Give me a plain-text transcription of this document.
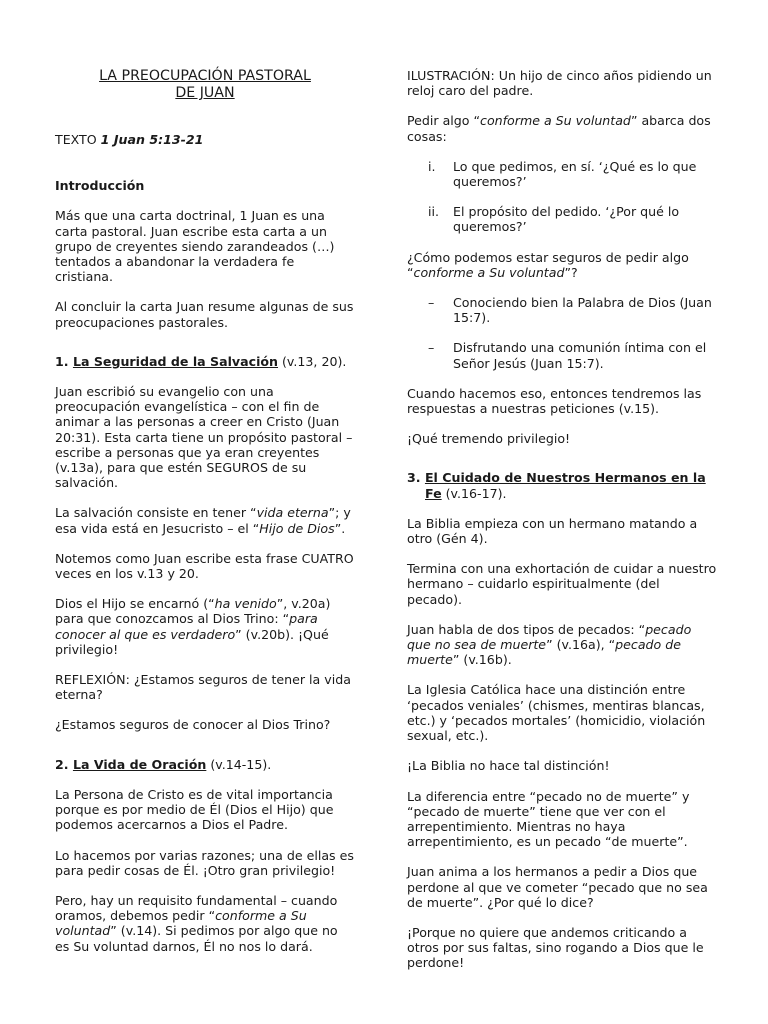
LA PREOCUPACIÓN PASTORAL
DE JUAN

TEXTO 1 Juan 5:13-21

Introducción

Más que una carta doctrinal, 1 Juan es una carta pastoral. Juan escribe esta carta a un grupo de creyentes siendo zarandeados (…) tentados a abandonar la verdadera fe cristiana.

Al concluir la carta Juan resume algunas de sus preocupaciones pastorales.

1. La Seguridad de la Salvación (v.13, 20).

Juan escribió su evangelio con una preocupación evangelística – con el fin de animar a las personas a creer en Cristo (Juan 20:31). Esta carta tiene un propósito pastoral – escribe a personas que ya eran creyentes (v.13a), para que estén SEGUROS de su salvación.

La salvación consiste en tener “vida eterna”; y esa vida está en Jesucristo – el “Hijo de Dios”.

Notemos como Juan escribe esta frase CUATRO veces en los v.13 y 20.

Dios el Hijo se encarnó (“ha venido”, v.20a) para que conozcamos al Dios Trino: “para conocer al que es verdadero” (v.20b). ¡Qué privilegio!

REFLEXIÓN: ¿Estamos seguros de tener la vida eterna?

¿Estamos seguros de conocer al Dios Trino?

2. La Vida de Oración (v.14-15).

La Persona de Cristo es de vital importancia porque es por medio de Él (Dios el Hijo) que podemos acercarnos a Dios el Padre.

Lo hacemos por varias razones; una de ellas es para pedir cosas de Él. ¡Otro gran privilegio!

Pero, hay un requisito fundamental – cuando oramos, debemos pedir “conforme a Su voluntad” (v.14). Si pedimos por algo que no es Su voluntad darnos, Él no nos lo dará.

ILUSTRACIÓN: Un hijo de cinco años pidiendo un reloj caro del padre.

Pedir algo “conforme a Su voluntad” abarca dos cosas:

i. Lo que pedimos, en sí. ‘¿Qué es lo que queremos?’
ii. El propósito del pedido. ‘¿Por qué lo queremos?’

¿Cómo podemos estar seguros de pedir algo “conforme a Su voluntad”?

– Conociendo bien la Palabra de Dios (Juan 15:7).
– Disfrutando una comunión íntima con el Señor Jesús (Juan 15:7).

Cuando hacemos eso, entonces tendremos las respuestas a nuestras peticiones (v.15).

¡Qué tremendo privilegio!

3. El Cuidado de Nuestros Hermanos en la Fe (v.16-17).

La Biblia empieza con un hermano matando a otro (Gén 4).

Termina con una exhortación de cuidar a nuestro hermano – cuidarlo espiritualmente (del pecado).

Juan habla de dos tipos de pecados: “pecado que no sea de muerte” (v.16a), “pecado de muerte” (v.16b).

La Iglesia Católica hace una distinción entre ‘pecados veniales’ (chismes, mentiras blancas, etc.) y ‘pecados mortales’ (homicidio, violación sexual, etc.).

¡La Biblia no hace tal distinción!

La diferencia entre “pecado no de muerte” y “pecado de muerte” tiene que ver con el arrepentimiento. Mientras no haya arrepentimiento, es un pecado “de muerte”.

Juan anima a los hermanos a pedir a Dios que perdone al que ve cometer “pecado que no sea de muerte”. ¿Por qué lo dice?

¡Porque no quiere que andemos criticando a otros por sus faltas, sino rogando a Dios que le perdone!
